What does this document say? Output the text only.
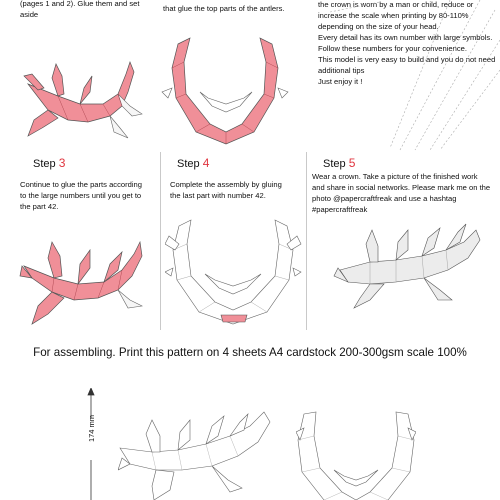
(pages 1 and 2). Glue them and set

aside

that glue the top parts of the antlers.	the crown is worn by a man or child, reduce or

increase the scale when printing by 80-110%

depending on the size of your head.

Every detail has its own number with large symbols.

Follow these numbers for your convenience.

This model is very easy to build and you do not need

additional tips

Just enjoy it !

Step 3

Continue to glue the parts according

to the large numbers until you get to

the part 42.

Step 4

Complete the assembly by gluing

the last part with number 42.

Step 5

Wear a crown. Take a picture of the finished work

and share in social networks. Please mark me on the

photo @papercraftfreak and use a hashtag

#papercraftfreak

For assembling. Print this pattern on 4 sheets A4 cardstock 200-300gsm scale 100%

174 mm
